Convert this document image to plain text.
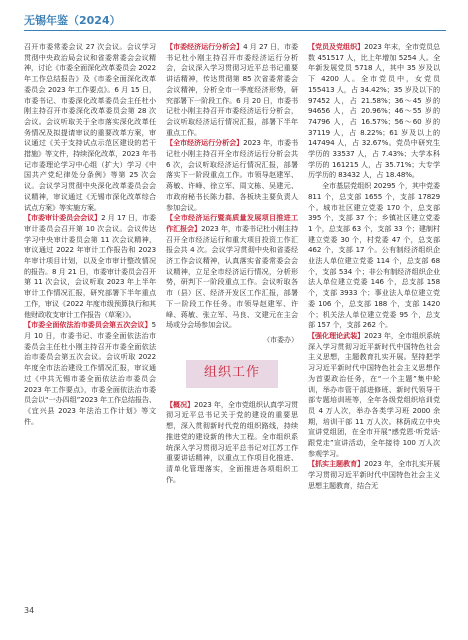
无锡年鉴（2024）

召开市委常委会议 27 次会议。会议学习贯彻中央政治局会议和省委常委会会议精神，讨论《市委全面深化改革委员会 2022 年工作总结报告》及《市委全面深化改革委员会 2023 年工作要点》。6 月 15 日，市委书记、市委深化改革委员会主任杜小刚主持召开市委深化改革委员会第 28 次会议。会议听取关于全市落实深化改革任务情况及拟提请审议的重要改革方案，审议通过《关于支持试点示范区建设的若干措施》等文件，持续深化改革，2023 年书记市委理论学习中心组（扩大）学习《中国共产党纪律处分条例》等第 25 次会议。会议学习贯彻中央深化改革委员会会议精神，审议通过《无锡市深化改革综合试点方案》等实施方案。

【市委审计委员会会议】2 月 17 日，市委审计委员会召开第 10 次会议。会议传达学习中央审计委员会第 11 次会议精神，审议通过 2022 年审计工作报告和 2023 年审计项目计划，以及全市审计整改情况的报告。8 月 21 日，市委审计委员会召开第 11 次会议，会议听取 2023 年上半年审计工作情况汇报，研究部署下半年重点工作，审议《2022 年度市级预算执行和其他财政收支审计工作报告（草案）》。

【市委全面依法治市委员会第五次会议】5 月 10 日，市委书记、市委全面依法治市委员会主任杜小刚主持召开市委全面依法治市委员会第五次会议。会议听取 2022 年度全市法治建设工作情况汇报，审议通过《中共无锡市委全面依法治市委员会 2023 年工作要点》，市委全面依法治市委员会以“一办四组”2023 年工作总结报告、《宜兴县 2023 年法治工作计划》等文件。

【市委经济运行分析会】4 月 27 日，市委书记杜小刚主持召开市委经济运行分析会，会议深入学习贯彻习近平总书记重要讲话精神，传达贯彻第 85 次省委常委会会议精神，分析全市一季度经济形势，研究部署下一阶段工作。6 月 20 日，市委书记杜小刚主持召开市委经济运行分析会，会议听取经济运行情况汇报，部署下半年重点工作。

【全市经济运行分析会】2023 年，市委书记杜小刚主持召开全市经济运行分析会共 6 次，会议听取经济运行情况汇报，部署落实下一阶段重点工作。市领导赵建军、蒋敏、许峰、徐立军、周文栋、吴建元、市政府秘书长陈力群、各板块主要负责人参加会议。

【全市经济运行暨高质量发展项目推进工作汇报会】2023 年，市委书记杜小刚主持召开全市经济运行和重大项目投资工作汇报会共 4 次。会议学习贯彻中央和省委经济工作会议精神，认真落实省委常委会会议精神，立足全市经济运行情况，分析形势，研判下一阶段重点工作。会议听取各市（县）区、经济开发区工作汇报，部署下一阶段工作任务。市领导赵建军、许峰、蒋敏、张立军、马良、文建元在主会场或分会场参加会议。

（市委办）

组织工作

【概况】2023 年，全市党组织认真学习贯彻习近平总书记关于党的建设的重要思想，深入贯彻新时代党的组织路线，持续推进党的建设新的伟大工程。全市组织系统深入学习贯彻习近平总书记对江苏工作重要讲话精神，以重点工作项目化推进、清单化管理落实，全面推进各项组织工作。

【党员及党组织】2023 年末，全市党员总数 451517 人，比上年增加 5254 人。全年新发展党员 5718 人，其中 35 岁及以下 4200 人。全市党员中，女党员 155413 人，占 34.42%；35 岁及以下的 97452 人，占 21.58%；36～45 岁的 94656 人，占 20.96%；46～55 岁的 74796 人，占 16.57%；56～60 岁的 37119 人，占 8.22%；61 岁及以上的 147494 人，占 32.67%。党员中研究生学历的 33537 人，占 7.43%；大学本科学历的 161215 人，占 35.71%；大专学历学历的 83432 人，占 18.48%。

全市基层党组织 20295 个，其中党委 811 个，总支部 1655 个，支部 17829 个。城市社区建立党委 170 个，总支部 395 个，支部 37 个；乡镇社区建立党委 1 个，总支部 63 个，支部 33 个；建制村建立党委 30 个，村党委 47 个，总支部 462 个，支部 17 个。公有制经济组织企业法人单位建立党委 114 个，总支部 68 个，支部 534 个；非公有制经济组织企业法人单位建立党委 146 个，总支部 158 个，支部 3933 个；事业法人单位建立党委 106 个，总支部 188 个，支部 1420 个；机关法人单位建立党委 95 个，总支部 157 个，支部 262 个。

【强化理论武装】2023 年，全市组织系统深入学习贯彻习近平新时代中国特色社会主义思想，主题教育扎实开展。坚持把学习习近平新时代中国特色社会主义思想作为首要政治任务，在“一个主题”集中轮训，举办市管干部进修班、新时代领导干部专题培训班等，全年各级党组织培训党员 4 万人次，举办各类学习班 2000 余期，培训干部 11 万人次。林荫成立中央宣讲党组团，在全市开展“感党恩·听党话·跟党走”宣讲活动，全年接待 100 万人次参观学习。

【抓实主题教育】2023 年，全市扎实开展学习贯彻习近平新时代中国特色社会主义思想主题教育，结合无

34
